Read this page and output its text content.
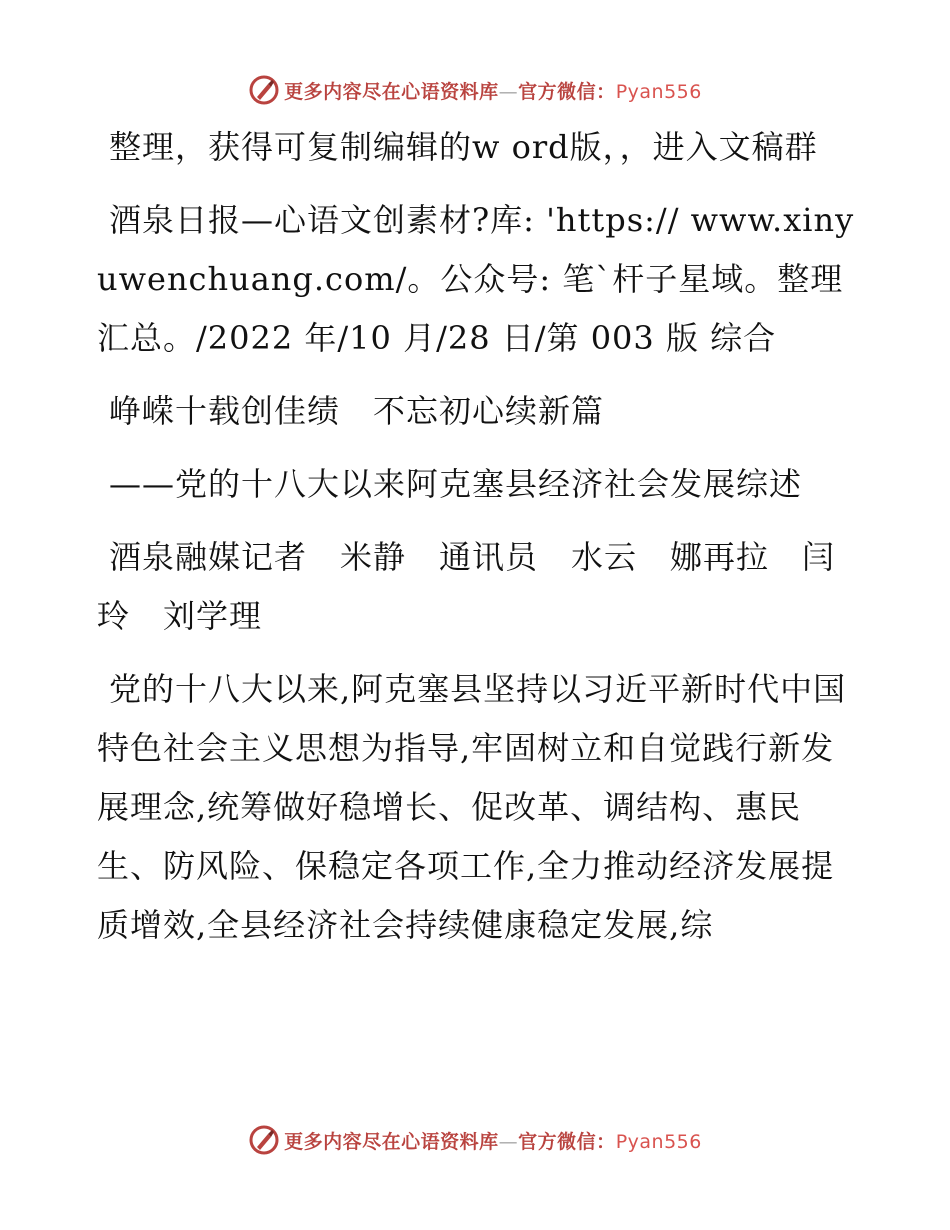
更多内容尽在心语资料库—官方微信：Pyan556

整理，获得可复制编辑的w ord版，，进入文稿群

酒泉日报—心语文创素材?库: 'https:// www.xinyuwenchuang.com/。公众号: 笔`杆子星域。整理汇总。/2022 年/10 月/28 日/第 003 版 综合

峥嵘十载创佳绩　不忘初心续新篇

——党的十八大以来阿克塞县经济社会发展综述

酒泉融媒记者　米静　通讯员　水云　娜再拉　闫玲　刘学理

党的十八大以来,阿克塞县坚持以习近平新时代中国特色社会主义思想为指导,牢固树立和自觉践行新发展理念,统筹做好稳增长、促改革、调结构、惠民生、防风险、保稳定各项工作,全力推动经济发展提质增效,全县经济社会持续健康稳定发展,综

更多内容尽在心语资料库—官方微信：Pyan556
